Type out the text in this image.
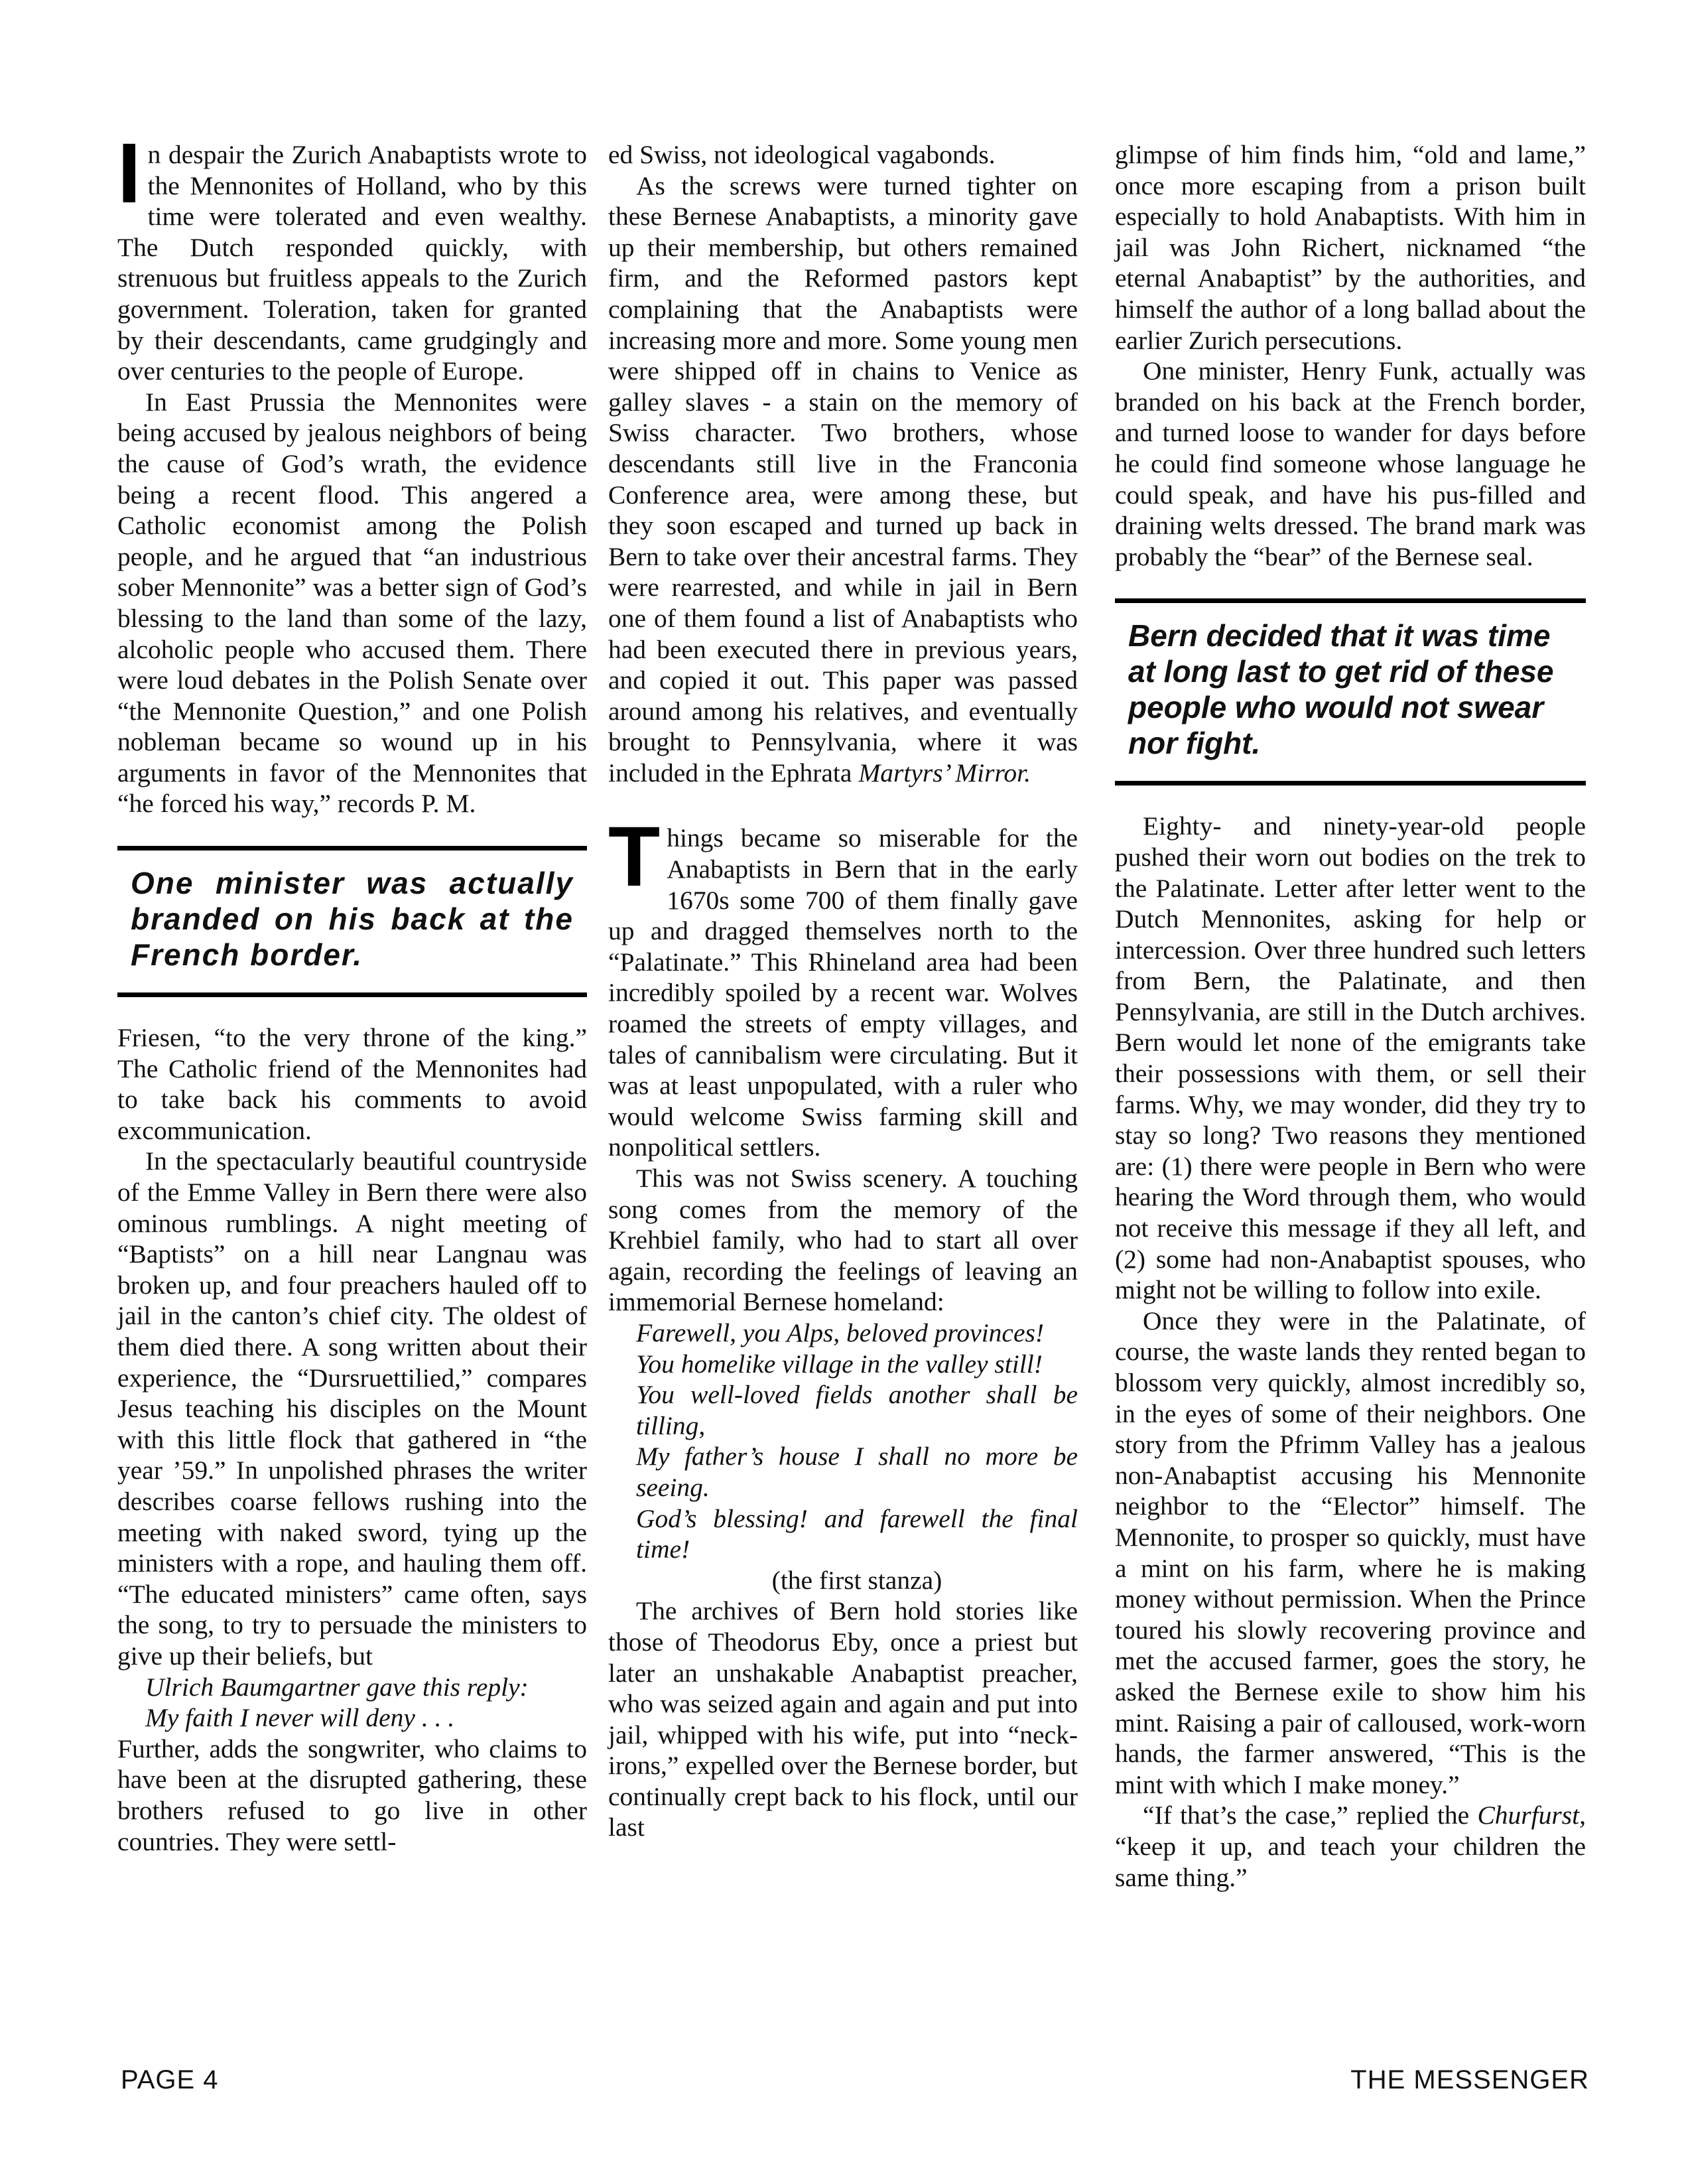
In despair the Zurich Anabaptists wrote to the Mennonites of Holland, who by this time were tolerated and even wealthy. The Dutch responded quickly, with strenuous but fruitless appeals to the Zurich government. Toleration, taken for granted by their descendants, came grudgingly and over centuries to the people of Europe.

In East Prussia the Mennonites were being accused by jealous neighbors of being the cause of God’s wrath, the evidence being a recent flood. This angered a Catholic economist among the Polish people, and he argued that “an industrious sober Mennonite” was a better sign of God’s blessing to the land than some of the lazy, alcoholic people who accused them. There were loud debates in the Polish Senate over “the Mennonite Question,” and one Polish nobleman became so wound up in his arguments in favor of the Mennonites that “he forced his way,” records P. M.

One minister was actually branded on his back at the French border.

Friesen, “to the very throne of the king.” The Catholic friend of the Mennonites had to take back his comments to avoid excommunication.

In the spectacularly beautiful countryside of the Emme Valley in Bern there were also ominous rumblings. A night meeting of “Baptists” on a hill near Langnau was broken up, and four preachers hauled off to jail in the canton’s chief city. The oldest of them died there. A song written about their experience, the “Dursruettilied,” compares Jesus teaching his disciples on the Mount with this little flock that gathered in “the year ’59.” In unpolished phrases the writer describes coarse fellows rushing into the meeting with naked sword, tying up the ministers with a rope, and hauling them off. “The educated ministers” came often, says the song, to try to persuade the ministers to give up their beliefs, but

Ulrich Baumgartner gave this reply:

My faith I never will deny . . .

Further, adds the songwriter, who claims to have been at the disrupted gathering, these brothers refused to go live in other countries. They were settl-

ed Swiss, not ideological vagabonds.

As the screws were turned tighter on these Bernese Anabaptists, a minority gave up their membership, but others remained firm, and the Reformed pastors kept complaining that the Anabaptists were increasing more and more. Some young men were shipped off in chains to Venice as galley slaves - a stain on the memory of Swiss character. Two brothers, whose descendants still live in the Franconia Conference area, were among these, but they soon escaped and turned up back in Bern to take over their ancestral farms. They were rearrested, and while in jail in Bern one of them found a list of Anabaptists who had been executed there in previous years, and copied it out. This paper was passed around among his relatives, and eventually brought to Pennsylvania, where it was included in the Ephrata Martyrs’ Mirror.

Things became so miserable for the Anabaptists in Bern that in the early 1670s some 700 of them finally gave up and dragged themselves north to the “Palatinate.” This Rhineland area had been incredibly spoiled by a recent war. Wolves roamed the streets of empty villages, and tales of cannibalism were circulating. But it was at least unpopulated, with a ruler who would welcome Swiss farming skill and nonpolitical settlers.

This was not Swiss scenery. A touching song comes from the memory of the Krehbiel family, who had to start all over again, recording the feelings of leaving an immemorial Bernese homeland:

Farewell, you Alps, beloved provinces!
You homelike village in the valley still!
You well-loved fields another shall be tilling,
My father’s house I shall no more be seeing.
God’s blessing! and farewell the final time!

(the first stanza)

The archives of Bern hold stories like those of Theodorus Eby, once a priest but later an unshakable Anabaptist preacher, who was seized again and again and put into jail, whipped with his wife, put into “neck-irons,” expelled over the Bernese border, but continually crept back to his flock, until our last

glimpse of him finds him, “old and lame,” once more escaping from a prison built especially to hold Anabaptists. With him in jail was John Richert, nicknamed “the eternal Anabaptist” by the authorities, and himself the author of a long ballad about the earlier Zurich persecutions.

One minister, Henry Funk, actually was branded on his back at the French border, and turned loose to wander for days before he could find someone whose language he could speak, and have his pus-filled and draining welts dressed. The brand mark was probably the “bear” of the Bernese seal.

Bern decided that it was time at long last to get rid of these people who would not swear nor fight.

Eighty- and ninety-year-old people pushed their worn out bodies on the trek to the Palatinate. Letter after letter went to the Dutch Mennonites, asking for help or intercession. Over three hundred such letters from Bern, the Palatinate, and then Pennsylvania, are still in the Dutch archives. Bern would let none of the emigrants take their possessions with them, or sell their farms. Why, we may wonder, did they try to stay so long? Two reasons they mentioned are: (1) there were people in Bern who were hearing the Word through them, who would not receive this message if they all left, and (2) some had non-Anabaptist spouses, who might not be willing to follow into exile.

Once they were in the Palatinate, of course, the waste lands they rented began to blossom very quickly, almost incredibly so, in the eyes of some of their neighbors. One story from the Pfrimm Valley has a jealous non-Anabaptist accusing his Mennonite neighbor to the “Elector” himself. The Mennonite, to prosper so quickly, must have a mint on his farm, where he is making money without permission. When the Prince toured his slowly recovering province and met the accused farmer, goes the story, he asked the Bernese exile to show him his mint. Raising a pair of calloused, work-worn hands, the farmer answered, “This is the mint with which I make money.”

“If that’s the case,” replied the Churfurst, “keep it up, and teach your children the same thing.”

PAGE 4	THE MESSENGER
